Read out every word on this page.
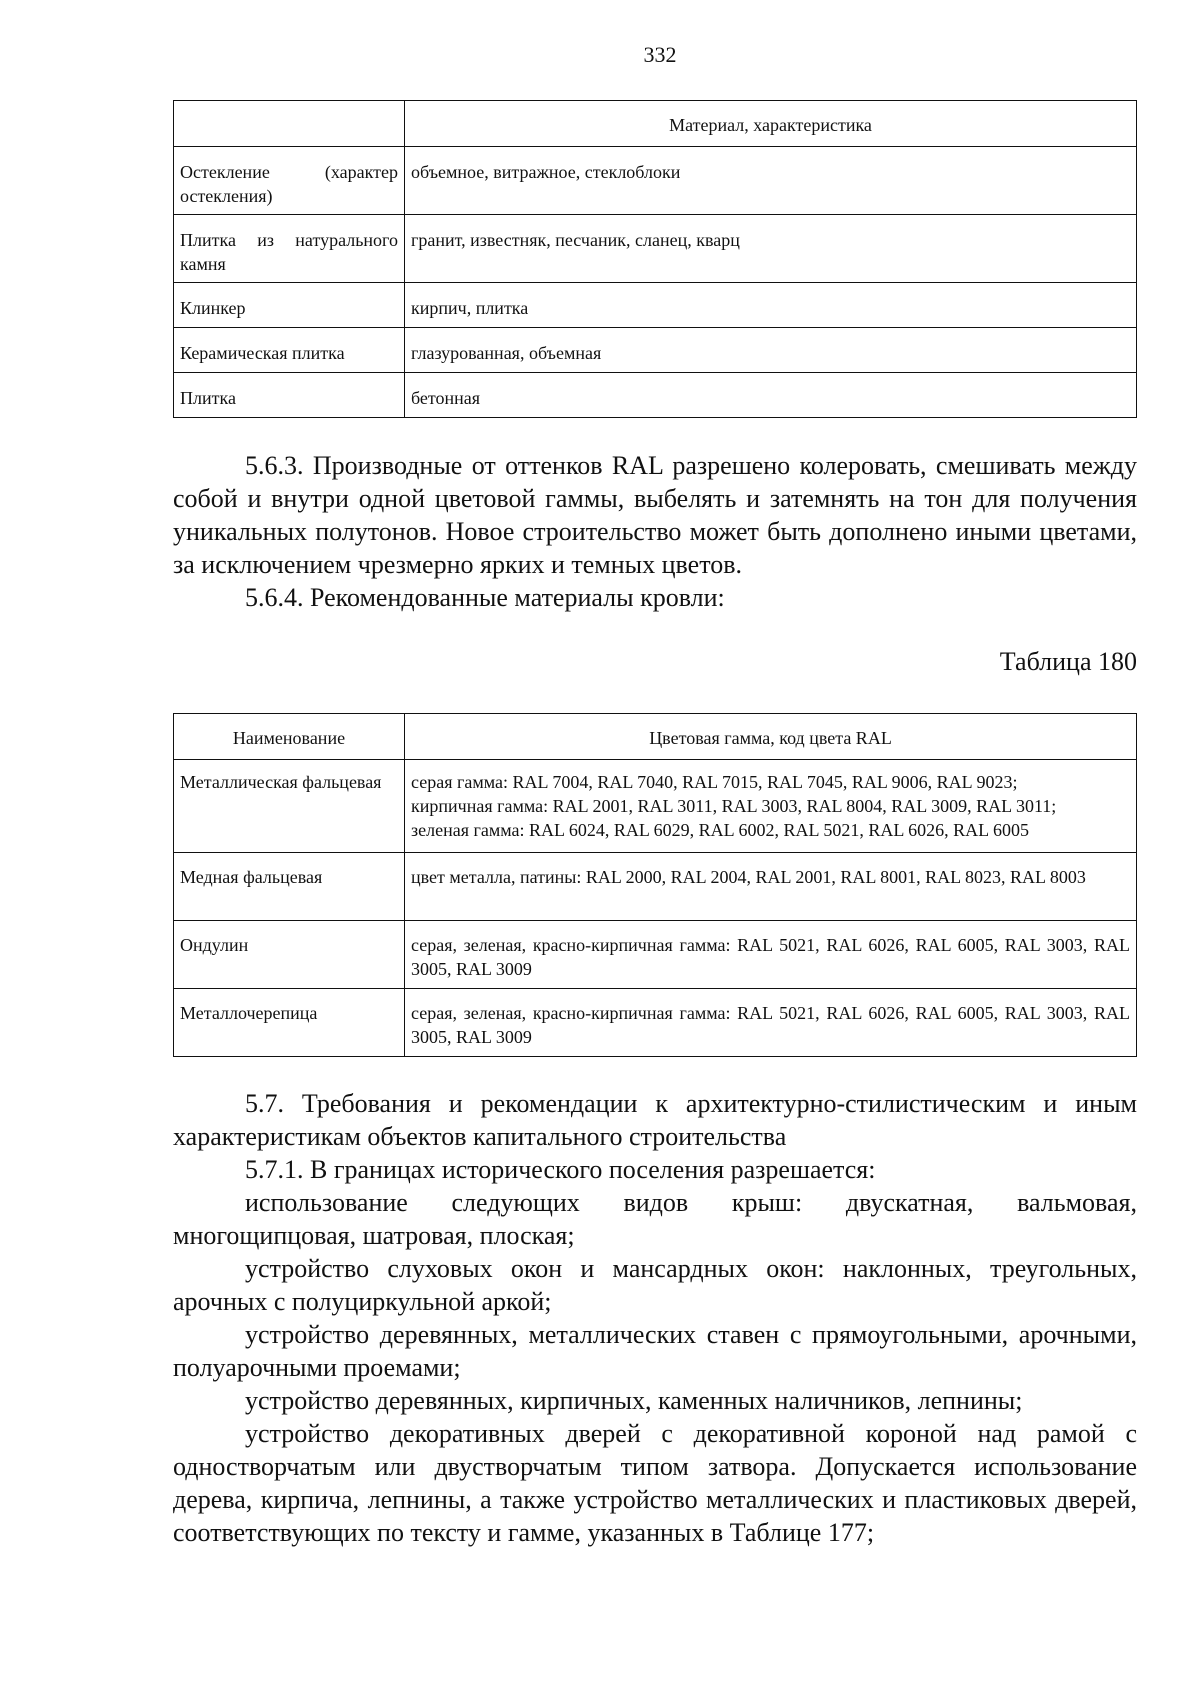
332
	Материал, характеристика

Остекление (характер
остекления)	объемное, витражное, стеклоблоки

Плитка из натурального
камня	гранит, известняк, песчаник, сланец, кварц
Клинкер	кирпич, плитка
Керамическая плитка	глазурованная, объемная
Плитка	бетонная

5.6.3. Производные от оттенков RAL разрешено колеровать, смешивать между собой и внутри одной цветовой гаммы, выбелять и затемнять на тон для получения уникальных полутонов. Новое строительство может быть дополнено иными цветами, за исключением чрезмерно ярких и темных цветов.

5.6.4. Рекомендованные материалы кровли:

Таблица 180
Наименование	Цветовая гамма, код цвета RAL
Металлическая фальцевая	серая гамма: RAL 7004, RAL 7040, RAL 7015, RAL 7045, RAL 9006, RAL 9023;
кирпичная гамма: RAL 2001, RAL 3011, RAL 3003, RAL 8004, RAL 3009, RAL 3011;
зеленая гамма: RAL 6024, RAL 6029, RAL 6002, RAL 5021, RAL 6026, RAL 6005

Медная фальцевая	цвет металла, патины: RAL 2000, RAL 2004, RAL 2001, RAL 8001, RAL 8023, RAL 8003
Ондулин	серая, зеленая, красно-кирпичная гамма: RAL 5021, RAL 6026, RAL 6005, RAL 3003, RAL 3005, RAL 3009
Металлочерепица	серая, зеленая, красно-кирпичная гамма: RAL 5021, RAL 6026, RAL 6005, RAL 3003, RAL 3005, RAL 3009

5.7. Требования и рекомендации к архитектурно-стилистическим и иным характеристикам объектов капитального строительства

5.7.1. В границах исторического поселения разрешается:

использование следующих видов крыш: двускатная, вальмовая, многощипцовая, шатровая, плоская;

устройство слуховых окон и мансардных окон: наклонных, треугольных, арочных с полуциркульной аркой;

устройство деревянных, металлических ставен с прямоугольными, арочными, полуарочными проемами;

устройство деревянных, кирпичных, каменных наличников, лепнины;

устройство декоративных дверей с декоративной короной над рамой с одностворчатым или двустворчатым типом затвора. Допускается использование дерева, кирпича, лепнины, а также устройство металлических и пластиковых дверей, соответствующих по тексту и гамме, указанных в Таблице 177;
